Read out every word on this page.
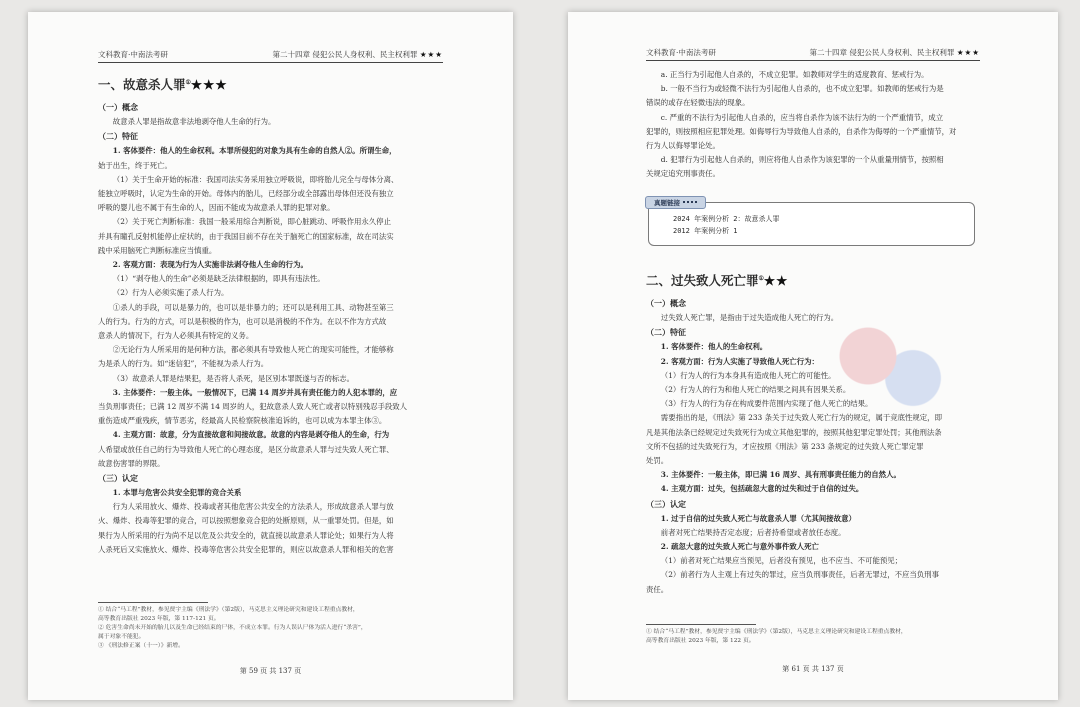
文科教育·中南法考研	第二十四章 侵犯公民人身权利、民主权利罪 ★★★
一、故意杀人罪①★★★

（一）概念

故意杀人罪是指故意非法地剥夺他人生命的行为。

（二）特征

1. 客体要件：他人的生命权利。本罪所侵犯的对象为具有生命的自然人②。所谓生命，

始于出生，终于死亡。

（1）关于生命开始的标准：我国司法实务采用独立呼吸说，即将胎儿完全与母体分离、

能独立呼吸时，认定为生命的开始。母体内的胎儿，已经部分或全部露出母体但还没有独立

呼吸的婴儿也不属于有生命的人，因而不能成为故意杀人罪的犯罪对象。

（2）关于死亡判断标准：我国一般采用综合判断说，即心脏跳动、呼吸作用永久停止

并具有瞳孔反射机能停止症状的，由于我国目前不存在关于脑死亡的国家标准，故在司法实

践中采用脑死亡判断标准应当慎重。

2. 客观方面：表现为行为人实施非法剥夺他人生命的行为。

（1）“剥夺他人的生命”必须是缺乏法律根据的，即具有违法性。

（2）行为人必须实施了杀人行为。

①杀人的手段，可以是暴力的，也可以是非暴力的；还可以是利用工具、动物甚至第三

人的行为。行为的方式，可以是积极的作为，也可以是消极的不作为。在以不作为方式故

意杀人的情况下，行为人必须具有特定的义务。

②无论行为人所采用的是何种方法，都必须具有导致他人死亡的现实可能性，才能够称

为是杀人的行为。如“迷信犯”，不能视为杀人行为。

（3）故意杀人罪是结果犯，是否将人杀死，是区别本罪既遂与否的标志。

3. 主体要件：一般主体。一般情况下，已满 14 周岁并具有责任能力的人犯本罪的，应

当负刑事责任；已满 12 周岁不满 14 周岁的人，犯故意杀人致人死亡或者以特别残忍手段致人

重伤造成严重残疾，情节恶劣，经最高人民检察院核准追诉的，也可以成为本罪主体③。

4. 主观方面：故意，分为直接故意和间接故意。故意的内容是剥夺他人的生命，行为

人希望或放任自己的行为导致他人死亡的心理态度，是区分故意杀人罪与过失致人死亡罪、

故意伤害罪的界限。

（三）认定

1. 本罪与危害公共安全犯罪的竞合关系

行为人采用放火、爆炸、投毒或者其他危害公共安全的方法杀人，形成故意杀人罪与放

火、爆炸、投毒等犯罪的竞合，可以按照想象竞合犯的处断原则，从一重罪处罚。但是，如

果行为人所采用的行为尚不足以危及公共安全的，就直接以故意杀人罪论处；如果行为人将

人杀死后又实施放火、爆炸、投毒等危害公共安全犯罪的，则应以故意杀人罪和相关的危害

① 结合“马工程”教材，参见贾宇主编《刑法学》（第2版），马克思主义理论研究和建设工程重点教材，
高等教育出版社 2023 年版，第 117-121 页。
② 危害生命尚未开始的胎儿以及生命已经结束的尸体，不成立本罪。行为人误认尸体为活人进行“杀害”，
属于对象不能犯。
③ 《刑法修正案（十一）》新增。
第 59 页 共 137 页
文科教育·中南法考研	第二十四章 侵犯公民人身权利、民主权利罪 ★★★

a. 正当行为引起他人自杀的，不成立犯罪。如教师对学生的适度教育、惩戒行为。

b. 一般不当行为或轻微不法行为引起他人自杀的，也不成立犯罪。如教师的惩戒行为是

错误的或存在轻微违法的现象。

c. 严重的不法行为引起他人自杀的，应当将自杀作为该不法行为的一个严重情节，成立

犯罪的，则按照相应犯罪处理。如侮辱行为导致他人自杀的，自杀作为侮辱的一个严重情节，对

行为人以侮辱罪论处。

d. 犯罪行为引起他人自杀的，则应将他人自杀作为该犯罪的一个从重量刑情节，按照相

关规定追究刑事责任。

真题链接
2024 年案例分析 2：故意杀人罪
2012 年案例分析 1
二、过失致人死亡罪①★★

（一）概念

过失致人死亡罪，是指由于过失造成他人死亡的行为。

（二）特征

1. 客体要件：他人的生命权利。

2. 客观方面：行为人实施了导致他人死亡行为：

（1）行为人的行为本身具有造成他人死亡的可能性。

（2）行为人的行为和他人死亡的结果之间具有因果关系。

（3）行为人的行为存在构成要件范围内实现了他人死亡的结果。

需要指出的是，《刑法》第 233 条关于过失致人死亡行为的规定，属于竞底性规定，即

凡是其他法条已经规定过失致死行为成立其他犯罪的，按照其他犯罪定罪处罚；其他刑法条

文所不包括的过失致死行为，才应按照《刑法》第 233 条规定的过失致人死亡罪定罪

处罚。

3. 主体要件：一般主体，即已满 16 周岁、具有刑事责任能力的自然人。

4. 主观方面：过失，包括疏忽大意的过失和过于自信的过失。

（三）认定

1. 过于自信的过失致人死亡与故意杀人罪（尤其间接故意）

前者对死亡结果持否定态度；后者持希望或者放任态度。

2. 疏忽大意的过失致人死亡与意外事件致人死亡

（1）前者对死亡结果应当预见，后者没有预见，也不应当、不可能预见；

（2）前者行为人主观上有过失的罪过，应当负刑事责任，后者无罪过，不应当负刑事

责任。

① 结合“马工程”教材，参见贾宇主编《刑法学》（第2版），马克思主义理论研究和建设工程重点教材，
高等教育出版社 2023 年版，第 122 页。
第 61 页 共 137 页
